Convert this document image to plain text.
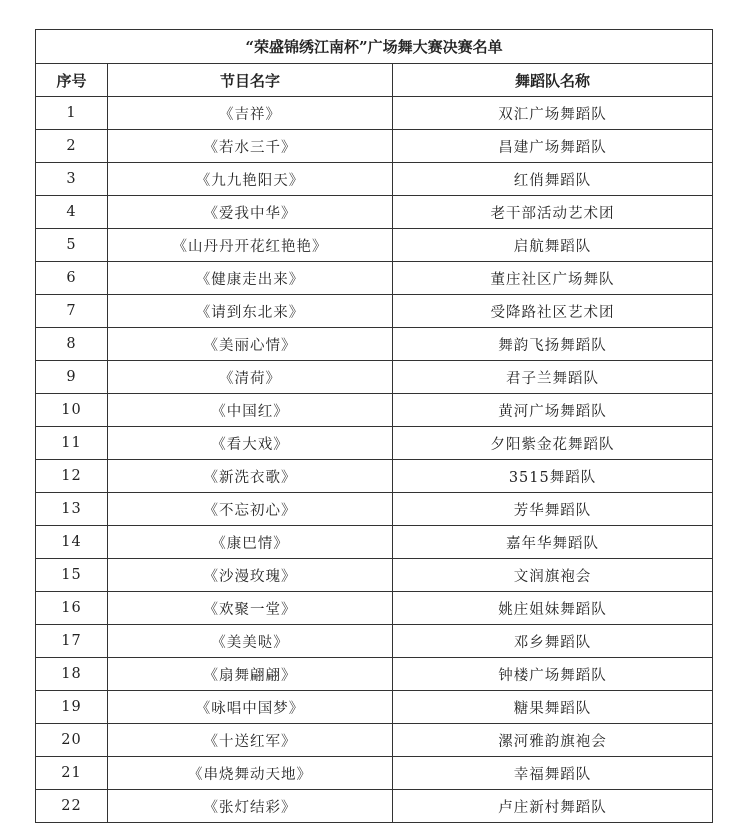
“荣盛锦绣江南杯”广场舞大赛决赛名单		
序号	节目名字	舞蹈队名称
1	《吉祥》	双汇广场舞蹈队
2	《若水三千》	昌建广场舞蹈队
3	《九九艳阳天》	红俏舞蹈队
4	《爱我中华》	老干部活动艺术团
5	《山丹丹开花红艳艳》	启航舞蹈队
6	《健康走出来》	董庄社区广场舞队
7	《请到东北来》	受降路社区艺术团
8	《美丽心情》	舞韵飞扬舞蹈队
9	《清荷》	君子兰舞蹈队
10	《中国红》	黄河广场舞蹈队
11	《看大戏》	夕阳紫金花舞蹈队
12	《新洗衣歌》	3515舞蹈队
13	《不忘初心》	芳华舞蹈队
14	《康巴情》	嘉年华舞蹈队
15	《沙漫玫瑰》	文润旗袍会
16	《欢聚一堂》	姚庄姐妹舞蹈队
17	《美美哒》	邓乡舞蹈队
18	《扇舞翩翩》	钟楼广场舞蹈队
19	《咏唱中国梦》	糖果舞蹈队
20	《十送红军》	漯河雅韵旗袍会
21	《串烧舞动天地》	幸福舞蹈队
22	《张灯结彩》	卢庄新村舞蹈队
